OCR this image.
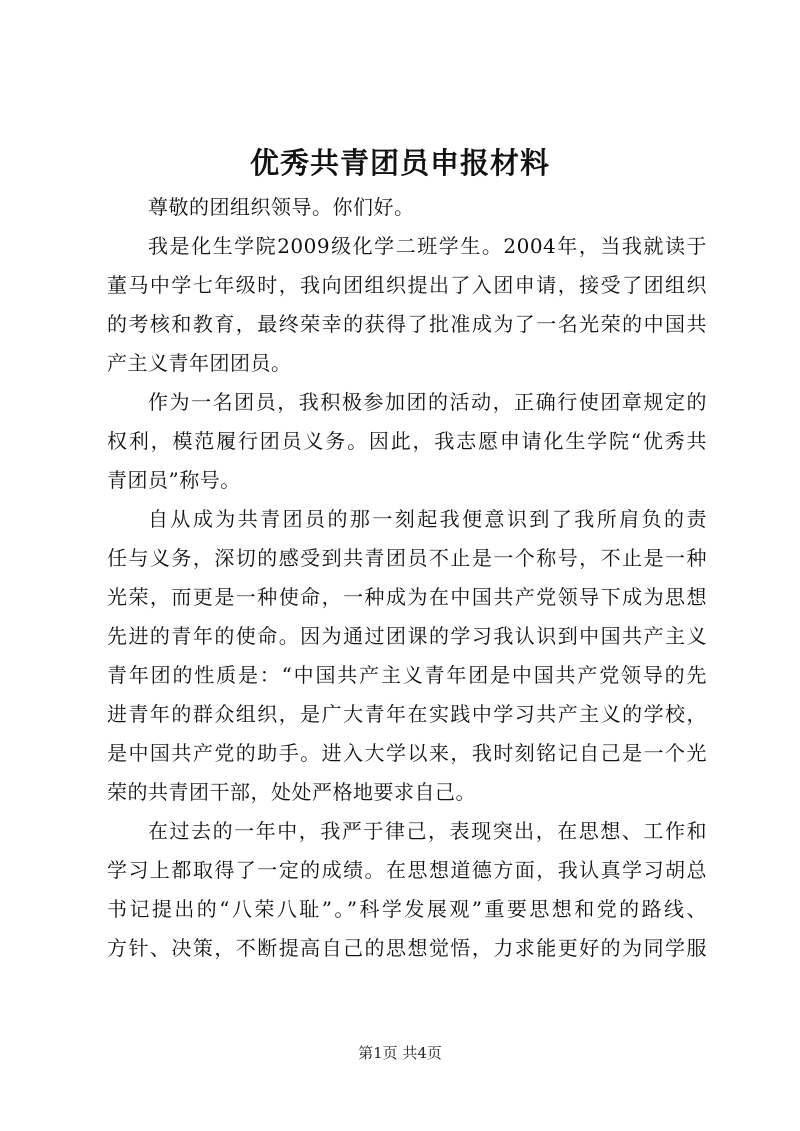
优秀共青团员申报材料
尊敬的团组织领导。你们好。
我是化生学院2009级化学二班学生。2004年，当我就读于
董马中学七年级时，我向团组织提出了入团申请，接受了团组织
的考核和教育，最终荣幸的获得了批准成为了一名光荣的中国共
产主义青年团团员。
作为一名团员，我积极参加团的活动，正确行使团章规定的
权利，模范履行团员义务。因此，我志愿申请化生学院“优秀共
青团员”称号。
自从成为共青团员的那一刻起我便意识到了我所肩负的责
任与义务，深切的感受到共青团员不止是一个称号，不止是一种
光荣，而更是一种使命，一种成为在中国共产党领导下成为思想
先进的青年的使命。因为通过团课的学习我认识到中国共产主义
青年团的性质是：“中国共产主义青年团是中国共产党领导的先
进青年的群众组织，是广大青年在实践中学习共产主义的学校，
是中国共产党的助手。进入大学以来，我时刻铭记自己是一个光
荣的共青团干部，处处严格地要求自己。
在过去的一年中，我严于律己，表现突出，在思想、工作和
学习上都取得了一定的成绩。在思想道德方面，我认真学习胡总
书记提出的“八荣八耻”。”科学发展观”重要思想和党的路线、
方针、决策，不断提高自己的思想觉悟，力求能更好的为同学服
第1页 共4页
